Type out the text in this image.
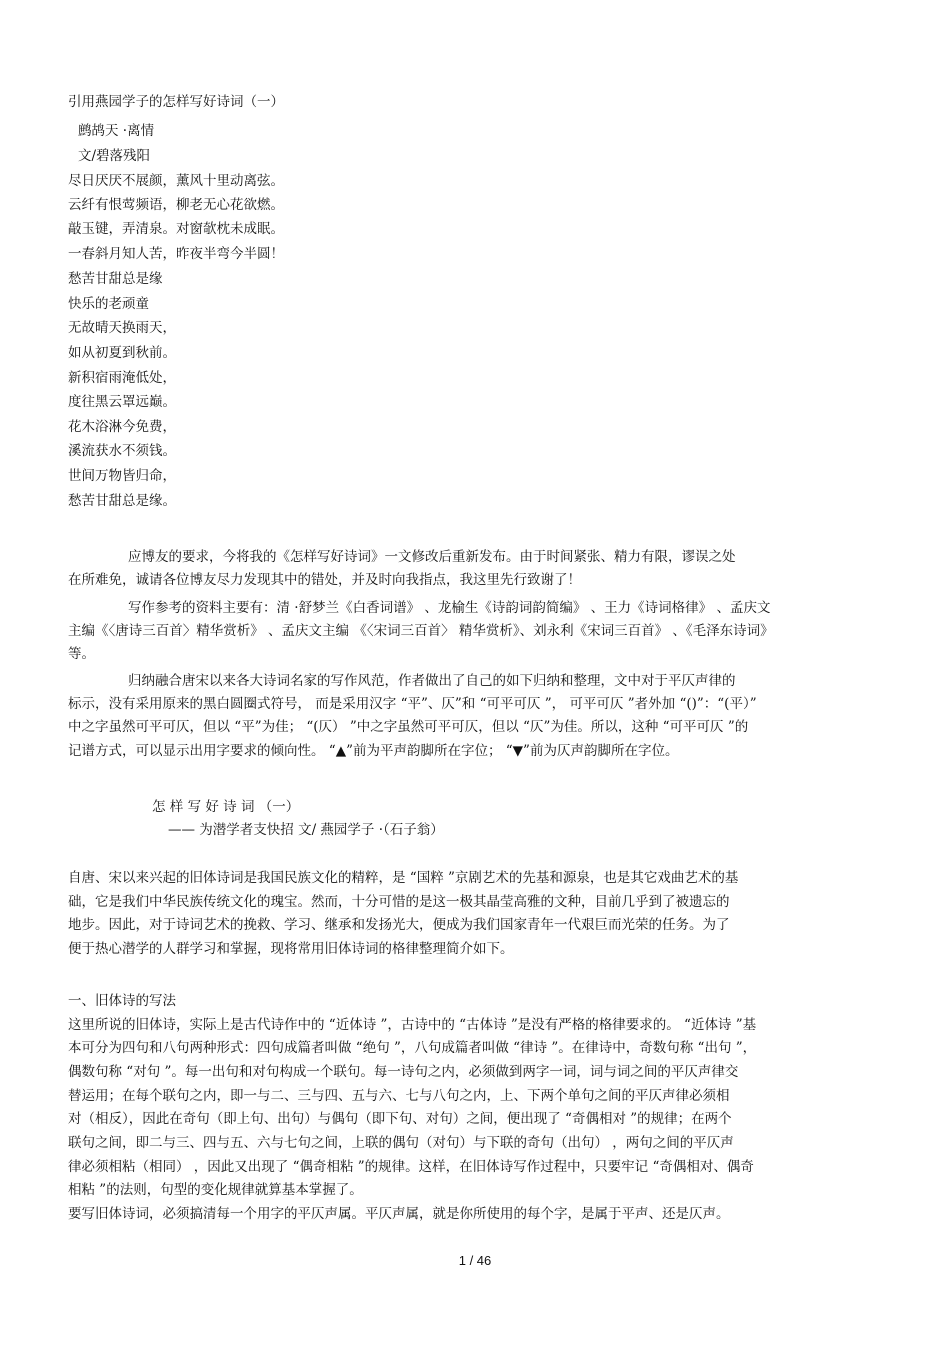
引用燕园学子的怎样写好诗词（一）
鹧鸪天 ·离情
文/碧落残阳
尽日厌厌不展颜，薰风十里动离弦。
云纤有恨莺频语，柳老无心花欲燃。
敲玉键，弄清泉。对窗欹枕未成眠。
一春斜月知人苦，昨夜半弯今半圆！
愁苦甘甜总是缘
快乐的老顽童
无故晴天换雨天，
如从初夏到秋前。
新积宿雨淹低处，
度往黑云罩远巅。
花木浴淋今免费，
溪流获水不须钱。
世间万物皆归命，
愁苦甘甜总是缘。
应博友的要求，今将我的《怎样写好诗词》一文修改后重新发布。由于时间紧张、精力有限，谬误之处
在所难免，诚请各位博友尽力发现其中的错处，并及时向我指点，我这里先行致谢了！
写作参考的资料主要有：清 ·舒梦兰《白香词谱》 、龙榆生《诗韵词韵简编》 、王力《诗词格律》 、孟庆文
主编《〈唐诗三百首〉精华赏析》 、孟庆文主编 《〈宋词三百首〉 精华赏析》、刘永利《宋词三百首》 、《毛泽东诗词》
等。
归纳融合唐宋以来各大诗词名家的写作风范，作者做出了自己的如下归纳和整理，文中对于平仄声律的
标示，没有采用原来的黑白圆圈式符号， 而是采用汉字 “平”、仄”和 “可平可仄 ”， 可平可仄 ”者外加 “()”：“(平）”
中之字虽然可平可仄，但以 “平”为佳； “(仄） ”中之字虽然可平可仄，但以 “仄”为佳。所以，这种 “可平可仄 ”的
记谱方式，可以显示出用字要求的倾向性。 “▲”前为平声韵脚所在字位； “▼”前为仄声韵脚所在字位。
怎 样 写 好 诗 词 （一）
—— 为潜学者支快招 文/ 燕园学子 ·（石子翁）
自唐、宋以来兴起的旧体诗词是我国民族文化的精粹，是 “国粹 ”京剧艺术的先基和源泉，也是其它戏曲艺术的基
础，它是我们中华民族传统文化的瑰宝。然而，十分可惜的是这一极其晶莹高雅的文种，目前几乎到了被遗忘的
地步。因此，对于诗词艺术的挽救、学习、继承和发扬光大，便成为我们国家青年一代艰巨而光荣的任务。为了
便于热心潜学的人群学习和掌握，现将常用旧体诗词的格律整理简介如下。
一、旧体诗的写法
这里所说的旧体诗，实际上是古代诗作中的 “近体诗 ”，古诗中的 “古体诗 ”是没有严格的格律要求的。 “近体诗 ”基
本可分为四句和八句两种形式：四句成篇者叫做 “绝句 ”，八句成篇者叫做 “律诗 ”。在律诗中，奇数句称 “出句 ”，
偶数句称 “对句 ”。每一出句和对句构成一个联句。每一诗句之内，必须做到两字一词，词与词之间的平仄声律交
替运用；在每个联句之内，即一与二、三与四、五与六、七与八句之内，上、下两个单句之间的平仄声律必须相
对（相反），因此在奇句（即上句、出句）与偶句（即下句、对句）之间，便出现了 “奇偶相对 ”的规律；在两个
联句之间，即二与三、四与五、六与七句之间，上联的偶句（对句）与下联的奇句（出句） ，两句之间的平仄声
律必须相粘（相同） ，因此又出现了 “偶奇相粘 ”的规律。这样，在旧体诗写作过程中，只要牢记 “奇偶相对、偶奇
相粘 ”的法则，句型的变化规律就算基本掌握了。
要写旧体诗词，必须搞清每一个用字的平仄声属。平仄声属，就是你所使用的每个字，是属于平声、还是仄声。
1 / 46
